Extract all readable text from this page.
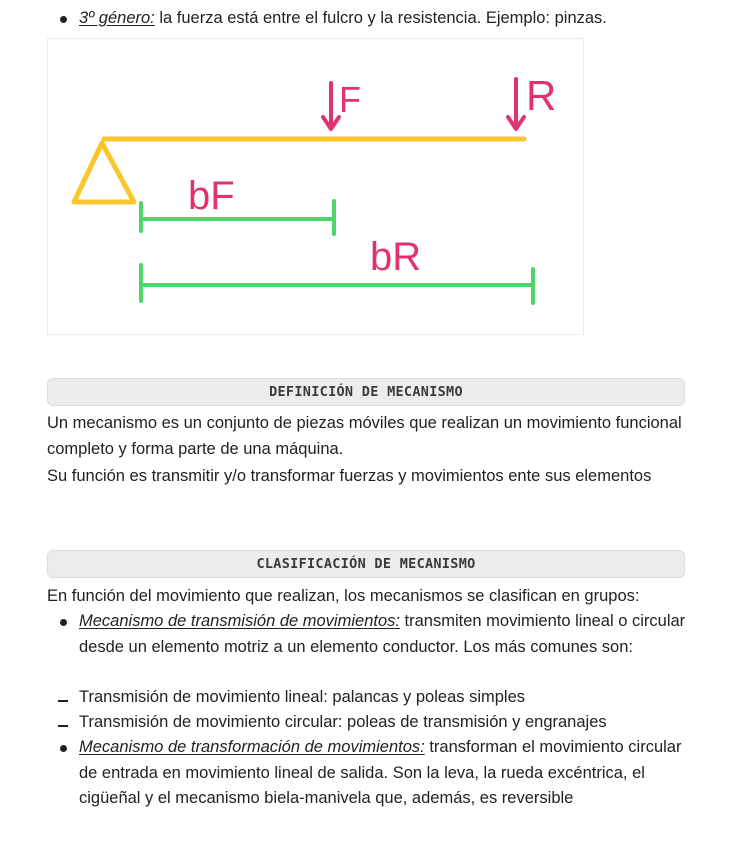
3º género: la fuerza está entre el fulcro y la resistencia. Ejemplo: pinzas.
F	R
bF
bR
DEFINICIÓN DE MECANISMO
Un mecanismo es un conjunto de piezas móviles que realizan un movimiento funcional completo y forma parte de una máquina.
Su función es transmitir y/o transformar fuerzas y movimientos ente sus elementos
CLASIFICACIÓN DE MECANISMO
En función del movimiento que realizan, los mecanismos se clasifican en grupos:
Mecanismo de transmisión de movimientos: transmiten movimiento lineal o circular desde un elemento motriz a un elemento conductor. Los más comunes son:
Transmisión de movimiento lineal: palancas y poleas simples
Transmisión de movimiento circular: poleas de transmisión y engranajes
Mecanismo de transformación de movimientos: transforman el movimiento circular de entrada en movimiento lineal de salida. Son la leva, la rueda excéntrica, el cigüeñal y el mecanismo biela-manivela que, además, es reversible
